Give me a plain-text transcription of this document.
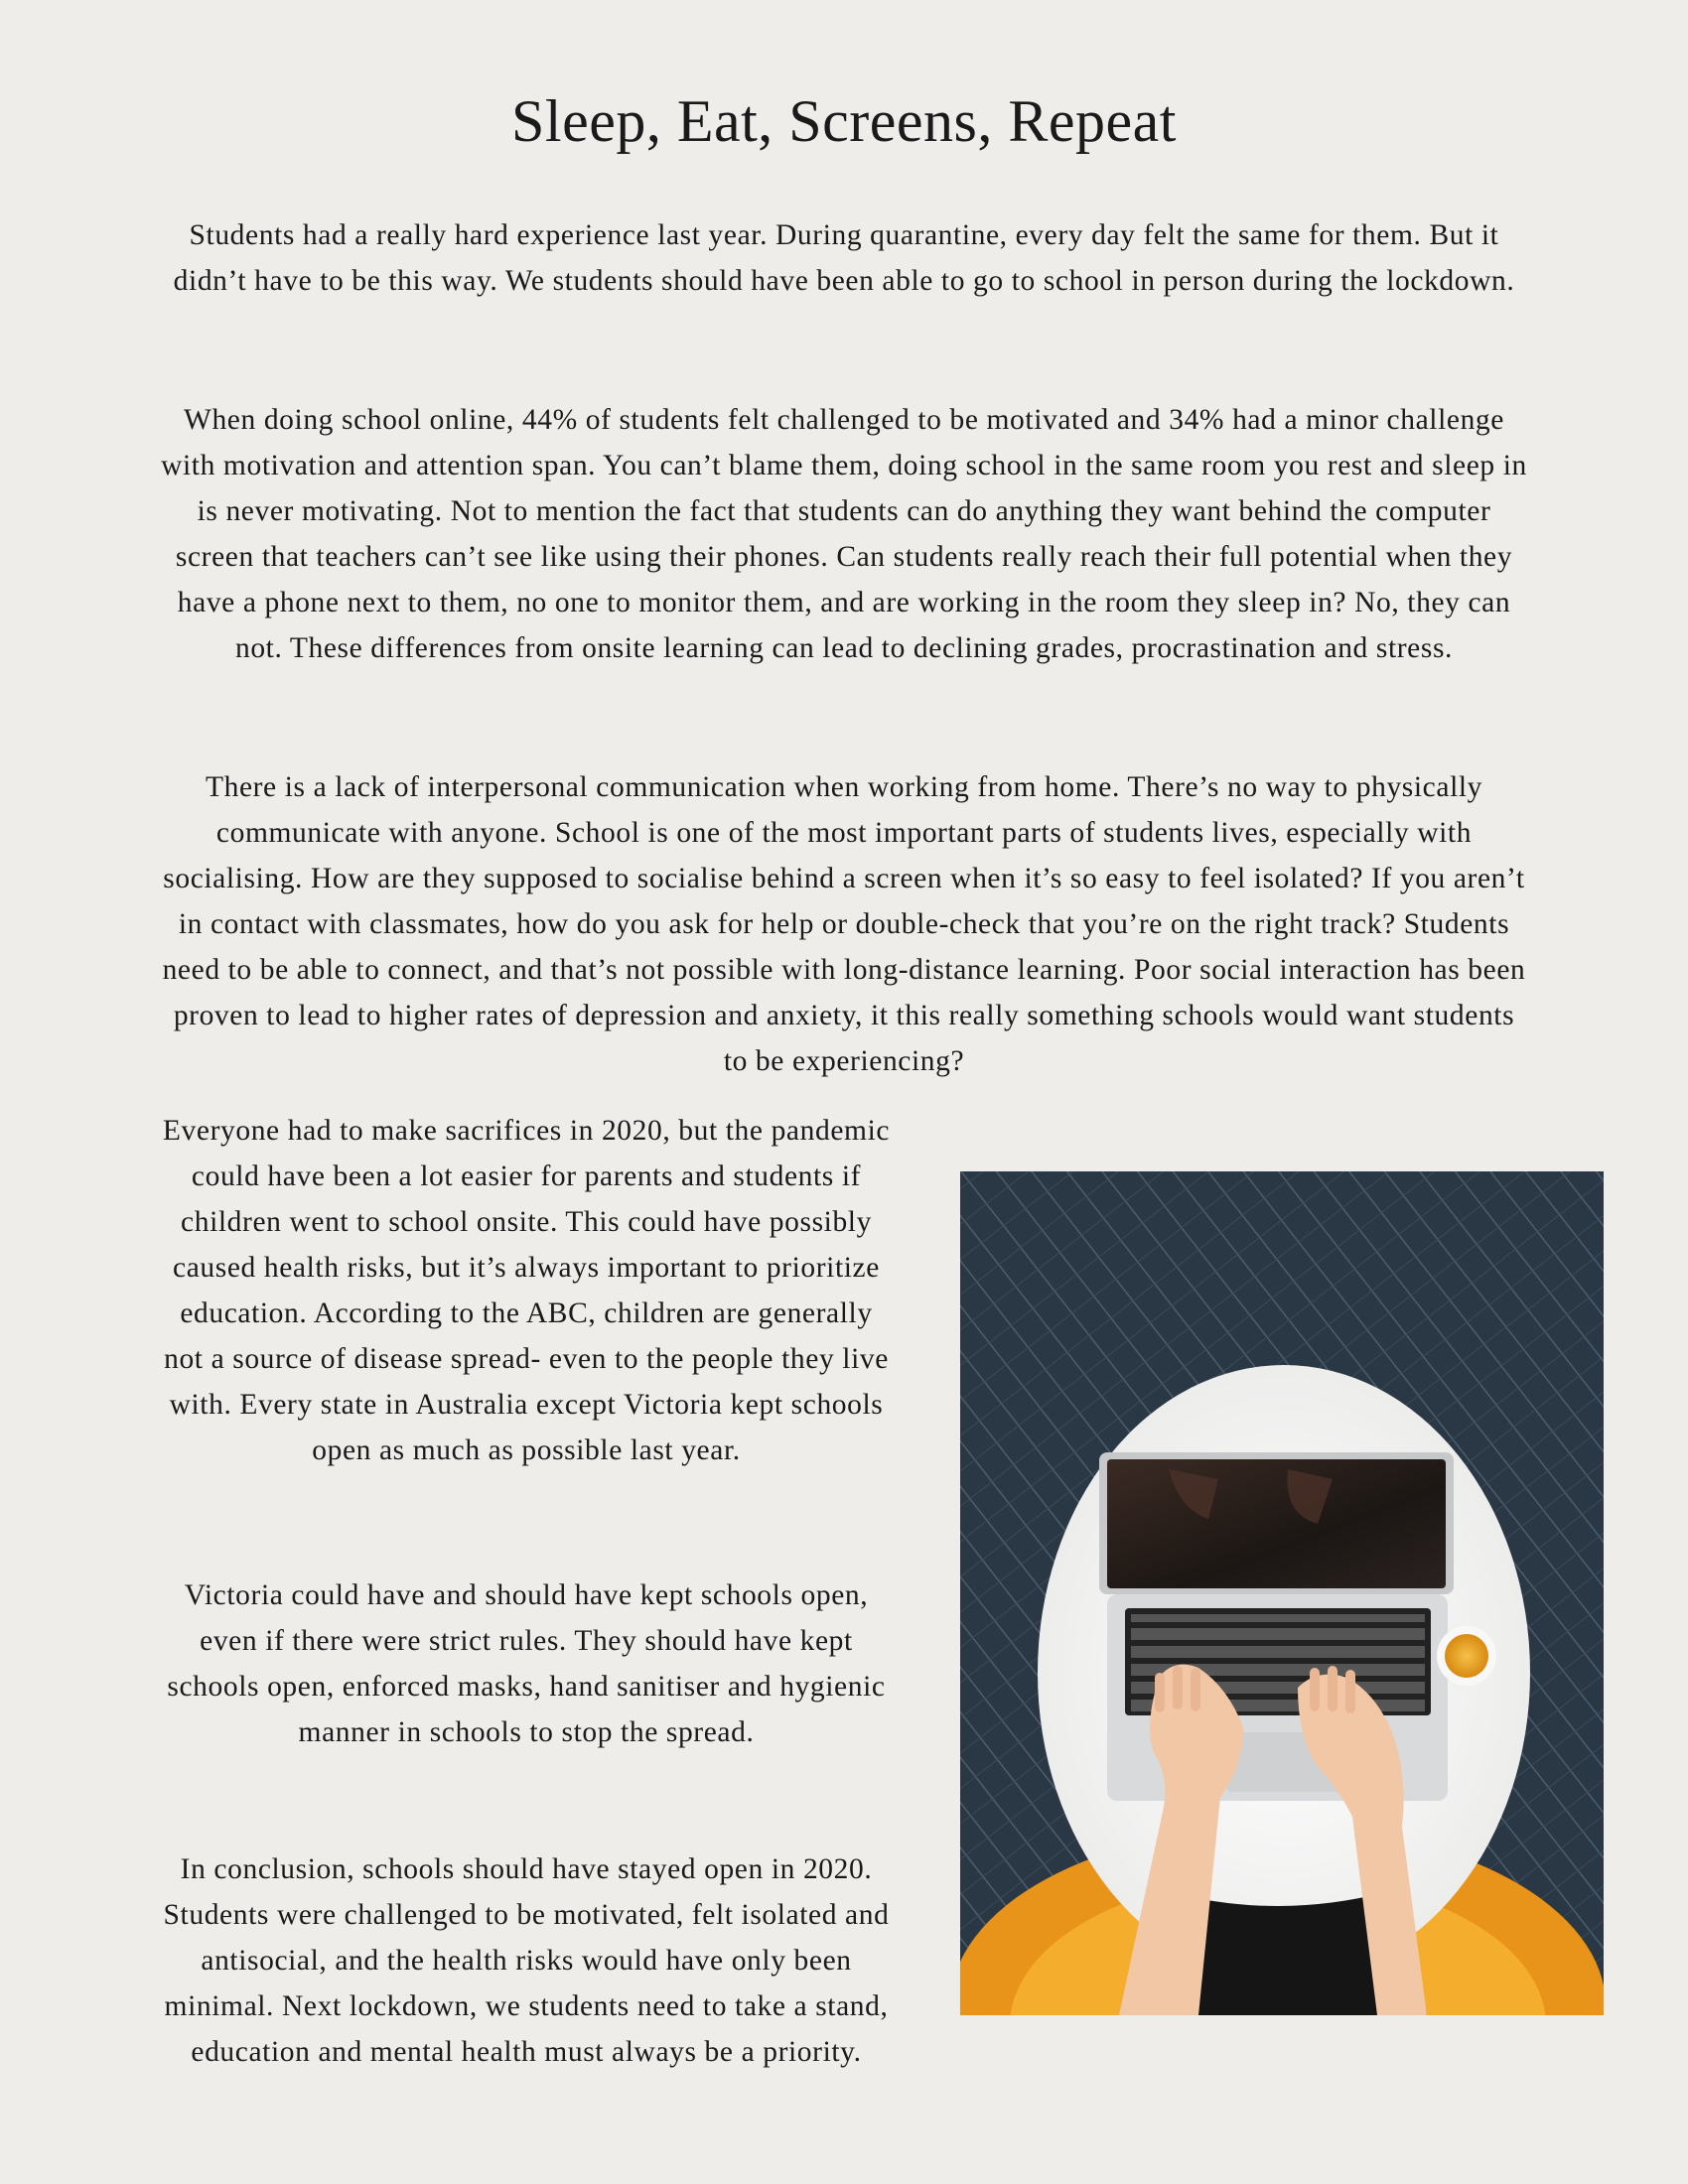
Sleep, Eat, Screens, Repeat

Students had a really hard experience last year. During quarantine, every day felt the same for them. But it didn’t have to be this way. We students should have been able to go to school in person during the lockdown.

When doing school online, 44% of students felt challenged to be motivated and 34% had a minor challenge with motivation and attention span. You can’t blame them, doing school in the same room you rest and sleep in is never motivating. Not to mention the fact that students can do anything they want behind the computer screen that teachers can’t see like using their phones. Can students really reach their full potential when they have a phone next to them, no one to monitor them, and are working in the room they sleep in? No, they can not. These differences from onsite learning can lead to declining grades, procrastination and stress.

There is a lack of interpersonal communication when working from home. There’s no way to physically communicate with anyone. School is one of the most important parts of students lives, especially with socialising. How are they supposed to socialise behind a screen when it’s so easy to feel isolated? If you aren’t in contact with classmates, how do you ask for help or double-check that you’re on the right track? Students need to be able to connect, and that’s not possible with long-distance learning. Poor social interaction has been proven to lead to higher rates of depression and anxiety, it this really something schools would want students to be experiencing?

Everyone had to make sacrifices in 2020, but the pandemic could have been a lot easier for parents and students if children went to school onsite. This could have possibly caused health risks, but it’s always important to prioritize education. According to the ABC, children are generally not a source of disease spread- even to the people they live with. Every state in Australia except Victoria kept schools open as much as possible last year.

Victoria could have and should have kept schools open, even if there were strict rules. They should have kept schools open, enforced masks, hand sanitiser and hygienic manner in schools to stop the spread.

In conclusion, schools should have stayed open in 2020. Students were challenged to be motivated, felt isolated and antisocial, and the health risks would have only been minimal. Next lockdown, we students need to take a stand, education and mental health must always be a priority.
